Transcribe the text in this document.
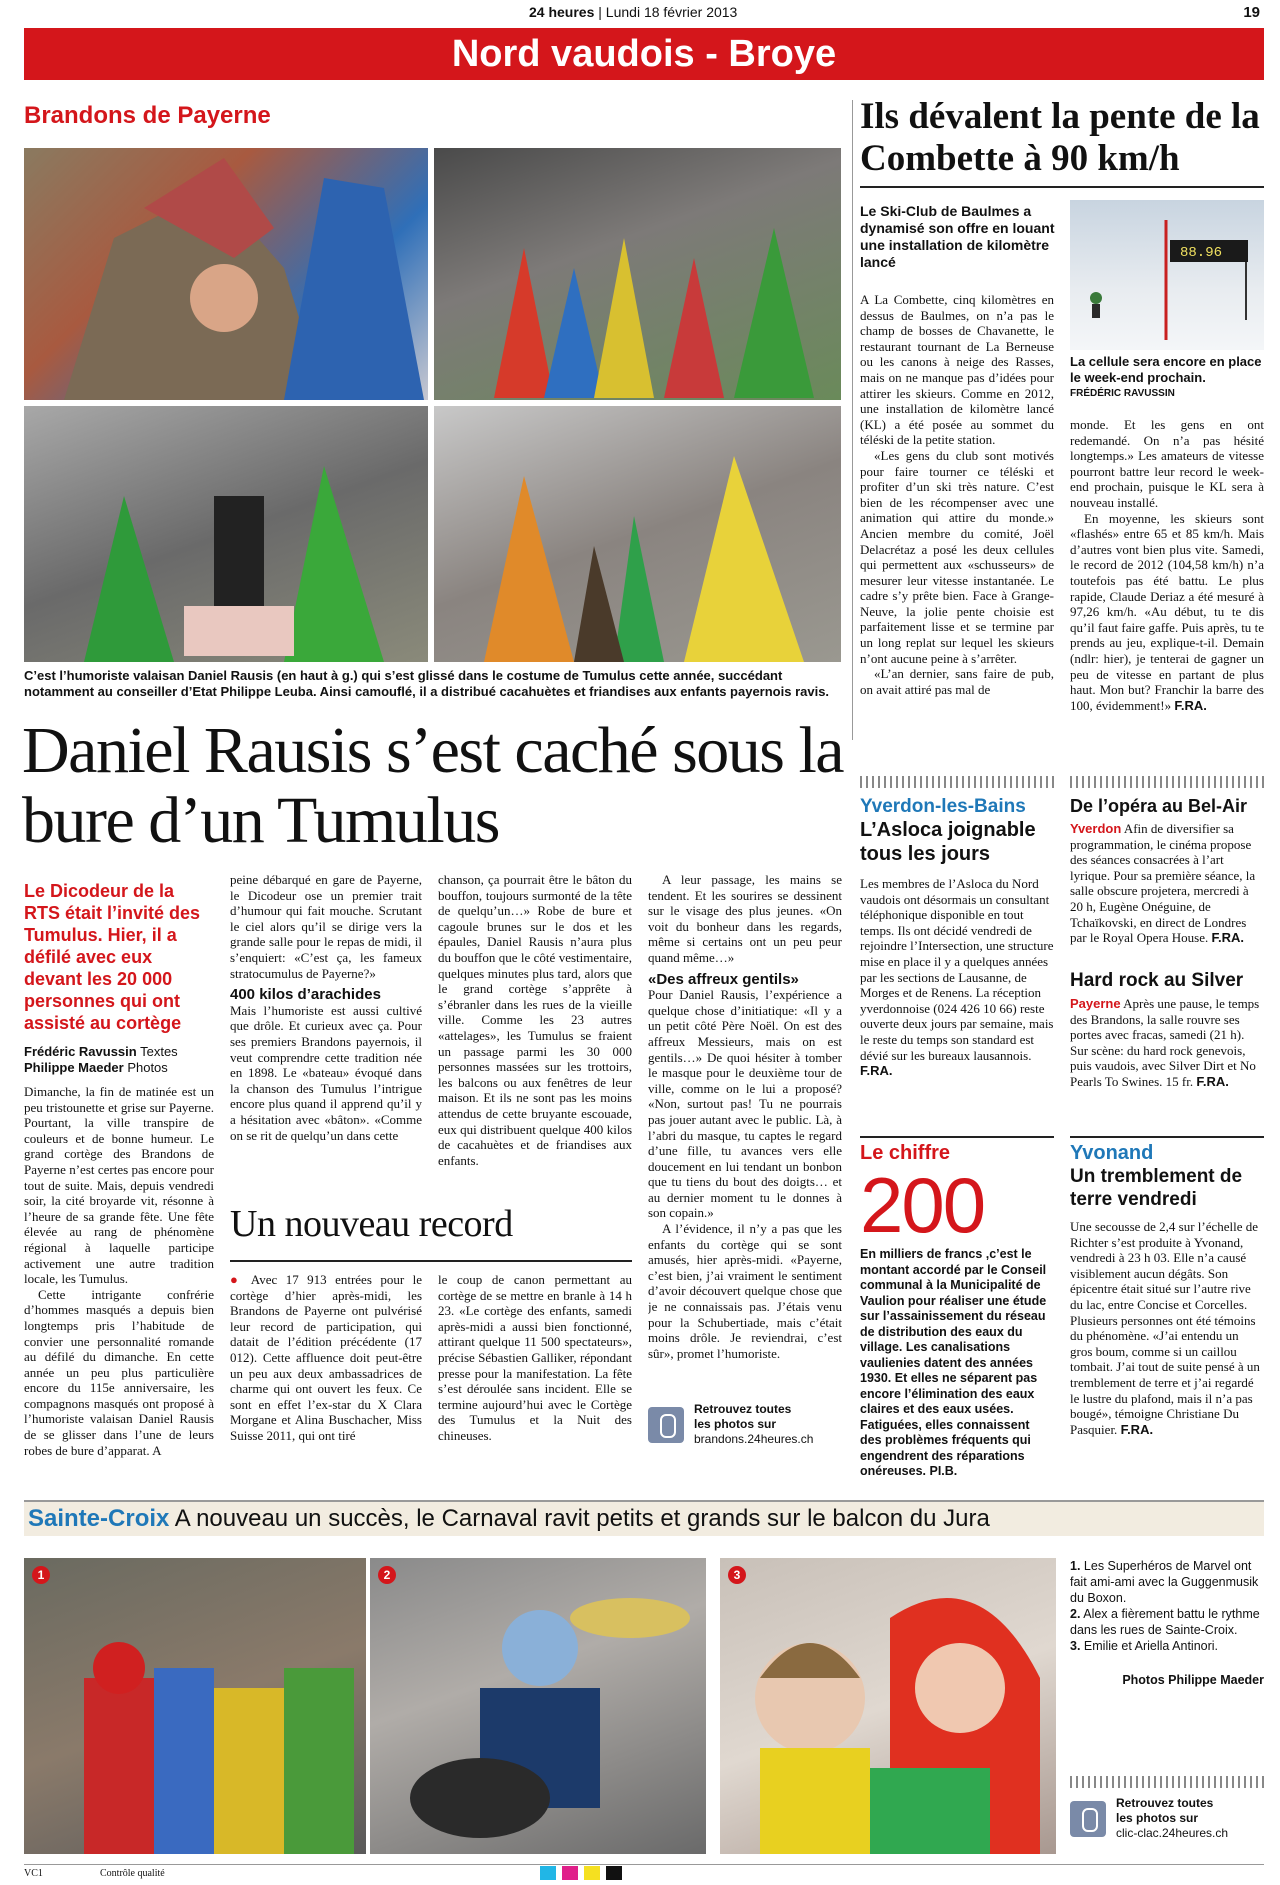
24 heures | Lundi 18 février 2013	19
Nord vaudois - Broye
Brandons de Payerne
C’est l’humoriste valaisan Daniel Rausis (en haut à g.) qui s’est glissé dans le costume de Tumulus cette année, succédant notamment au conseiller d’Etat Philippe Leuba. Ainsi camouflé, il a distribué cacahuètes et friandises aux enfants payernois ravis.
Daniel Rausis s’est caché sous la bure d’un Tumulus
Le Dicodeur de la RTS était l’invité des Tumulus. Hier, il a défilé avec eux devant les 20 000 personnes qui ont assisté au cortège
Frédéric Ravussin Textes
Philippe Maeder Photos

Dimanche, la fin de matinée est un peu tristounette et grise sur Payerne. Pourtant, la ville transpire de couleurs et de bonne humeur. Le grand cortège des Brandons de Payerne n’est certes pas encore pour tout de suite. Mais, depuis vendredi soir, la cité broyarde vit, résonne à l’heure de sa grande fête. Une fête élevée au rang de phénomène régional à laquelle participe activement une autre tradition locale, les Tumulus.

Cette intrigante confrérie d’hommes masqués a depuis bien longtemps pris l’habitude de convier une personnalité romande au défilé du dimanche. En cette année un peu plus particulière encore du 115e anniversaire, les compagnons masqués ont proposé à l’humoriste valaisan Daniel Rausis de se glisser dans l’une de leurs robes de bure d’apparat. A

peine débarqué en gare de Payerne, le Dicodeur ose un premier trait d’humour qui fait mouche. Scrutant le ciel alors qu’il se dirige vers la grande salle pour le repas de midi, il s’enquiert: «C’est ça, les fameux stratocumulus de Payerne?»

400 kilos d’arachides

Mais l’humoriste est aussi cultivé que drôle. Et curieux avec ça. Pour ses premiers Brandons payernois, il veut comprendre cette tradition née en 1898. Le «bateau» évoqué dans la chanson des Tumulus l’intrigue encore plus quand il apprend qu’il y a hésitation avec «bâton». «Comme on se rit de quelqu’un dans cette

chanson, ça pourrait être le bâton du bouffon, toujours surmonté de la tête de quelqu’un…» Robe de bure et cagoule brunes sur le dos et les épaules, Daniel Rausis n’aura plus du bouffon que le côté vestimentaire, quelques minutes plus tard, alors que le grand cortège s’apprête à s’ébranler dans les rues de la vieille ville. Comme les 23 autres «attelages», les Tumulus se fraient un passage parmi les 30 000 personnes massées sur les trottoirs, les balcons ou aux fenêtres de leur maison. Et ils ne sont pas les moins attendus de cette bruyante escouade, eux qui distribuent quelque 400 kilos de cacahuètes et de friandises aux enfants.

A leur passage, les mains se tendent. Et les sourires se dessinent sur le visage des plus jeunes. «On voit du bonheur dans les regards, même si certains ont un peu peur quand même…»

«Des affreux gentils»

Pour Daniel Rausis, l’expérience a quelque chose d’initiatique: «Il y a un petit côté Père Noël. On est des affreux Messieurs, mais on est gentils…» De quoi hésiter à tomber le masque pour le deuxième tour de ville, comme on le lui a proposé? «Non, surtout pas! Tu ne pourrais pas jouer autant avec le public. Là, à l’abri du masque, tu captes le regard d’une fille, tu avances vers elle doucement en lui tendant un bonbon que tu tiens du bout des doigts… et au dernier moment tu le donnes à son copain.»

A l’évidence, il n’y a pas que les enfants du cortège qui se sont amusés, hier après-midi. «Payerne, c’est bien, j’ai vraiment le sentiment d’avoir découvert quelque chose que je ne connaissais pas. J’étais venu pour la Schubertiade, mais c’était moins drôle. Je reviendrai, c’est sûr», promet l’humoriste.

Un nouveau record

● Avec 17 913 entrées pour le cortège d’hier après-midi, les Brandons de Payerne ont pulvérisé leur record de participation, qui datait de l’édition précédente (17 012). Cette affluence doit peut-être un peu aux deux ambassadrices de charme qui ont ouvert les feux. Ce sont en effet l’ex-star du X Clara Morgane et Alina Buschacher, Miss Suisse 2011, qui ont tiré

le coup de canon permettant au cortège de se mettre en branle à 14 h 23. «Le cortège des enfants, samedi après-midi a aussi bien fonctionné, attirant quelque 11 500 spectateurs», précise Sébastien Galliker, répondant presse pour la manifestation. La fête s’est déroulée sans incident. Elle se termine aujourd’hui avec le Cortège des Tumulus et la Nuit des chineuses.

Retrouvez toutes
les photos sur
brandons.24heures.ch
Ils dévalent la pente de la Combette à 90 km/h
Le Ski-Club de Baulmes a dynamisé son offre en louant une installation de kilomètre lancé
88.96
La cellule sera encore en place le week-end prochain.
FRÉDÉRIC RAVUSSIN

A La Combette, cinq kilomètres en dessus de Baulmes, on n’a pas le champ de bosses de Chavanette, le restaurant tournant de La Berneuse ou les canons à neige des Rasses, mais on ne manque pas d’idées pour attirer les skieurs. Comme en 2012, une installation de kilomètre lancé (KL) a été posée au sommet du téléski de la petite station.

«Les gens du club sont motivés pour faire tourner ce téléski et profiter d’un ski très nature. C’est bien de les récompenser avec une animation qui attire du monde.» Ancien membre du comité, Joël Delacrétaz a posé les deux cellules qui permettent aux «schusseurs» de mesurer leur vitesse instantanée. Le cadre s’y prête bien. Face à Grange-Neuve, la jolie pente choisie est parfaitement lisse et se termine par un long replat sur lequel les skieurs n’ont aucune peine à s’arrêter.

«L’an dernier, sans faire de pub, on avait attiré pas mal de

monde. Et les gens en ont redemandé. On n’a pas hésité longtemps.» Les amateurs de vitesse pourront battre leur record le week-end prochain, puisque le KL sera à nouveau installé.

En moyenne, les skieurs sont «flashés» entre 65 et 85 km/h. Mais d’autres vont bien plus vite. Samedi, le record de 2012 (104,58 km/h) n’a toutefois pas été battu. Le plus rapide, Claude Deriaz a été mesuré à 97,26 km/h. «Au début, tu te dis qu’il faut faire gaffe. Puis après, tu te prends au jeu, explique-t-il. Demain (ndlr: hier), je tenterai de gagner un peu de vitesse en partant de plus haut. Mon but? Franchir la barre des 100, évidemment!» F.RA.

Yverdon-les-Bains
L’Asloca joignable tous les jours

Les membres de l’Asloca du Nord vaudois ont désormais un consultant téléphonique disponible en tout temps. Ils ont décidé vendredi de rejoindre l’Intersection, une structure mise en place il y a quelques années par les sections de Lausanne, de Morges et de Renens. La réception yverdonnoise (024 426 10 66) reste ouverte deux jours par semaine, mais le reste du temps son standard est dévié sur les bureaux lausannois. F.RA.

De l’opéra au Bel-Air

Yverdon Afin de diversifier sa programmation, le cinéma propose des séances consacrées à l’art lyrique. Pour sa première séance, la salle obscure projetera, mercredi à 20 h, Eugène Onéguine, de Tchaïkovski, en direct de Londres par le Royal Opera House. F.RA.

Hard rock au Silver

Payerne Après une pause, le temps des Brandons, la salle rouvre ses portes avec fracas, samedi (21 h). Sur scène: du hard rock genevois, puis vaudois, avec Silver Dirt et No Pearls To Swines. 15 fr. F.RA.

Le chiffre
200
En milliers de francs ,c’est le montant accordé par le Conseil communal à la Municipalité de Vaulion pour réaliser une étude sur l’assainissement du réseau de distribution des eaux du village. Les canalisations vaulienies datent des années 1930. Et elles ne séparent pas encore l’élimination des eaux claires et des eaux usées. Fatiguées, elles connaissent des problèmes fréquents qui engendrent des réparations onéreuses. PI.B.
Yvonand
Un tremblement de terre vendredi

Une secousse de 2,4 sur l’échelle de Richter s’est produite à Yvonand, vendredi à 23 h 03. Elle n’a causé visiblement aucun dégâts. Son épicentre était situé sur l’autre rive du lac, entre Concise et Corcelles. Plusieurs personnes ont été témoins du phénomène. «J’ai entendu un gros boum, comme si un caillou tombait. J’ai tout de suite pensé à un tremblement de terre et j’ai regardé le lustre du plafond, mais il n’a pas bougé», témoigne Christiane Du Pasquier. F.RA.

Sainte-Croix A nouveau un succès, le Carnaval ravit petits et grands sur le balcon du Jura
1	2	3
1. Les Superhéros de Marvel ont fait ami-ami avec la Guggenmusik du Boxon.
2. Alex a fièrement battu le rythme dans les rues de Sainte-Croix.
3. Emilie et Ariella Antinori.
Photos Philippe Maeder
Retrouvez toutes
les photos sur
clic-clac.24heures.ch
VC1	Contrôle qualité
